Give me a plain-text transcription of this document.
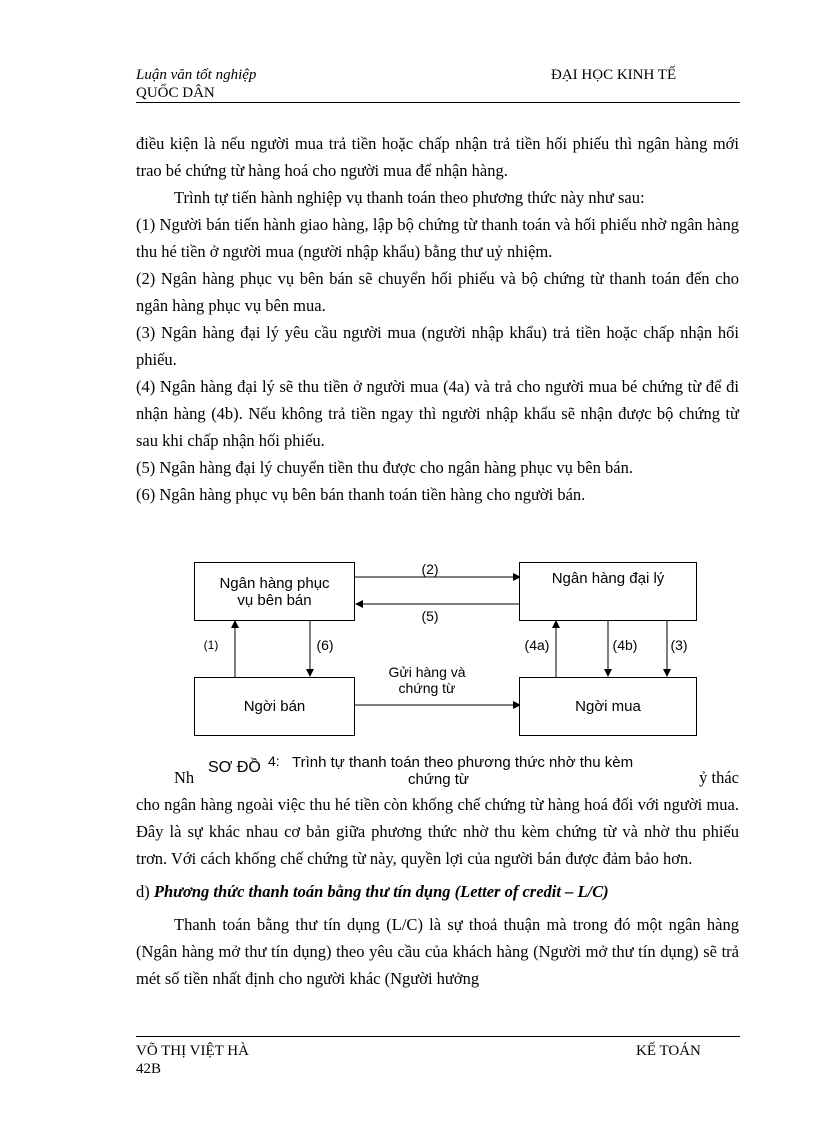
Luận văn tốt nghiệp
QUỐC DÂN
ĐẠI HỌC KINH TẾ

điều kiện là nếu người mua trả tiền hoặc chấp nhận trả tiền hối phiếu thì ngân hàng mới trao bé chứng từ hàng hoá cho người mua để nhận hàng.

Trình tự tiến hành nghiệp vụ thanh toán theo phương thức này như sau:

(1) Người bán tiến hành giao hàng, lập bộ chứng từ thanh toán và hối phiếu nhờ ngân hàng thu hé tiền ở người mua (người nhập khẩu) bằng thư uỷ nhiệm.

(2) Ngân hàng phục vụ bên bán sẽ chuyển hối phiếu và bộ chứng từ thanh toán đến cho ngân hàng phục vụ bên mua.

(3) Ngân hàng đại lý yêu cầu người mua (người nhập khẩu) trả tiền hoặc chấp nhận hối phiếu.

(4) Ngân hàng đại lý sẽ thu tiền ở người mua (4a) và trả cho người mua bé chứng từ để đi nhận hàng (4b). Nếu không trả tiền ngay thì người nhập khẩu sẽ nhận được bộ chứng từ sau khi chấp nhận hối phiếu.

(5) Ngân hàng đại lý chuyển tiền thu được cho ngân hàng phục vụ bên bán.

(6) Ngân hàng phục vụ bên bán thanh toán tiền hàng cho người bán.

Ngân hàng phục vụ bên bán
Ngân hàng đại lý
Ngời bán	Ngời mua
(2)
(5)
(1)	(6)	(4a)	(4b)	(3)
Gửi hàng và chứng từ

Nh	ỷ thác

cho ngân hàng ngoài việc thu hé tiền còn khống chế chứng từ hàng hoá đối với người mua. Đây là sự khác nhau cơ bản giữa phương thức nhờ thu kèm chứng từ và nhờ thu phiếu trơn. Với cách khống chế chứng từ này, quyền lợi của người bán được đảm bảo hơn.

d) Phương thức thanh toán bằng thư tín dụng (Letter of credit – L/C)

Thanh toán bằng thư tín dụng (L/C) là sự thoả thuận mà trong đó một ngân hàng (Ngân hàng mở thư tín dụng) theo yêu cầu của khách hàng (Người mở thư tín dụng) sẽ trả mét số tiền nhất định cho người khác (Người hưởng

SƠ ĐỒ 4: Trình tự thanh toán theo phương thức nhờ thu kèm
chứng từ
VÕ THỊ VIỆT HÀ
42B
KẾ TOÁN
